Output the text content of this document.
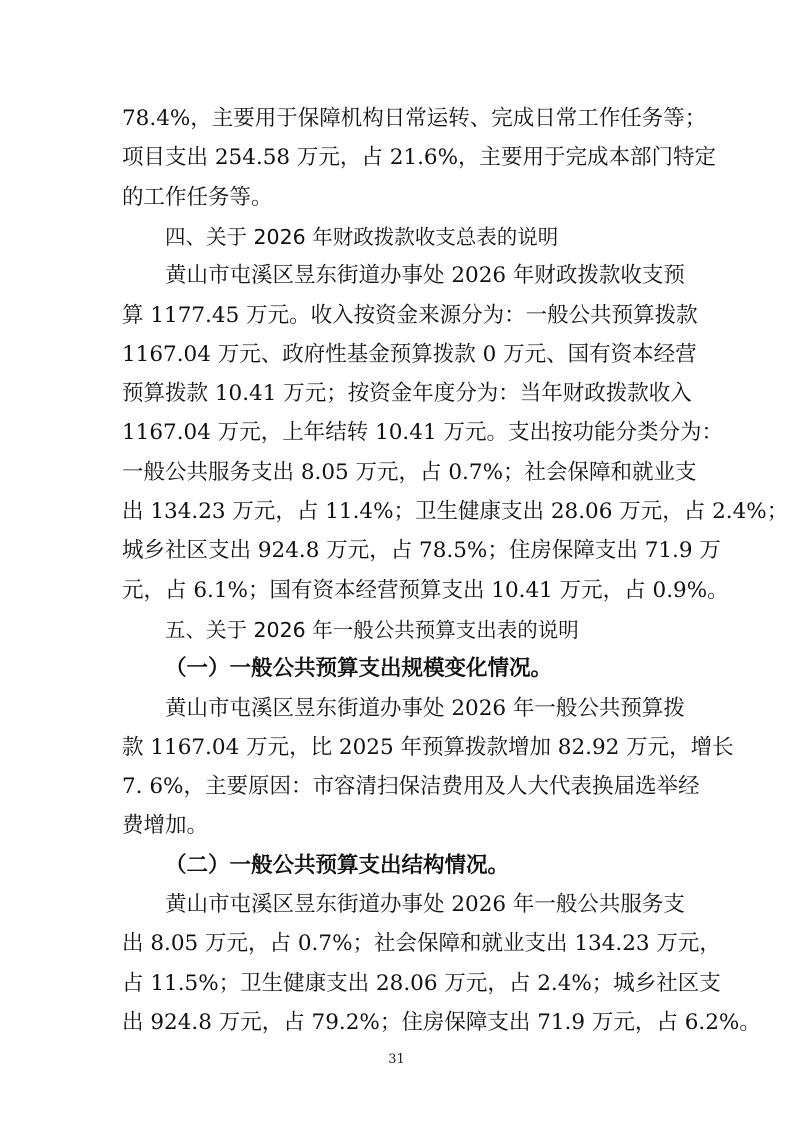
78.4%，主要用于保障机构日常运转、完成日常工作任务等；
项目支出 254.58 万元，占 21.6%，主要用于完成本部门特定
的工作任务等。
四、关于 2026 年财政拨款收支总表的说明
黄山市屯溪区昱东街道办事处 2026 年财政拨款收支预
算 1177.45 万元。收入按资金来源分为：一般公共预算拨款
1167.04 万元、政府性基金预算拨款 0 万元、国有资本经营
预算拨款 10.41 万元；按资金年度分为：当年财政拨款收入
1167.04 万元，上年结转 10.41 万元。支出按功能分类分为：
一般公共服务支出 8.05 万元，占 0.7%；社会保障和就业支
出 134.23 万元，占 11.4%；卫生健康支出 28.06 万元，占 2.4%；
城乡社区支出 924.8 万元，占 78.5%；住房保障支出 71.9 万
元，占 6.1%；国有资本经营预算支出 10.41 万元，占 0.9%。
五、关于 2026 年一般公共预算支出表的说明
（一）一般公共预算支出规模变化情况。
黄山市屯溪区昱东街道办事处 2026 年一般公共预算拨
款 1167.04 万元，比 2025 年预算拨款增加 82.92 万元，增长
7. 6%，主要原因：市容清扫保洁费用及人大代表换届选举经
费增加。
（二）一般公共预算支出结构情况。
黄山市屯溪区昱东街道办事处 2026 年一般公共服务支
出 8.05 万元，占 0.7%；社会保障和就业支出 134.23 万元，
占 11.5%；卫生健康支出 28.06 万元，占 2.4%；城乡社区支
出 924.8 万元，占 79.2%；住房保障支出 71.9 万元，占 6.2%。
31
